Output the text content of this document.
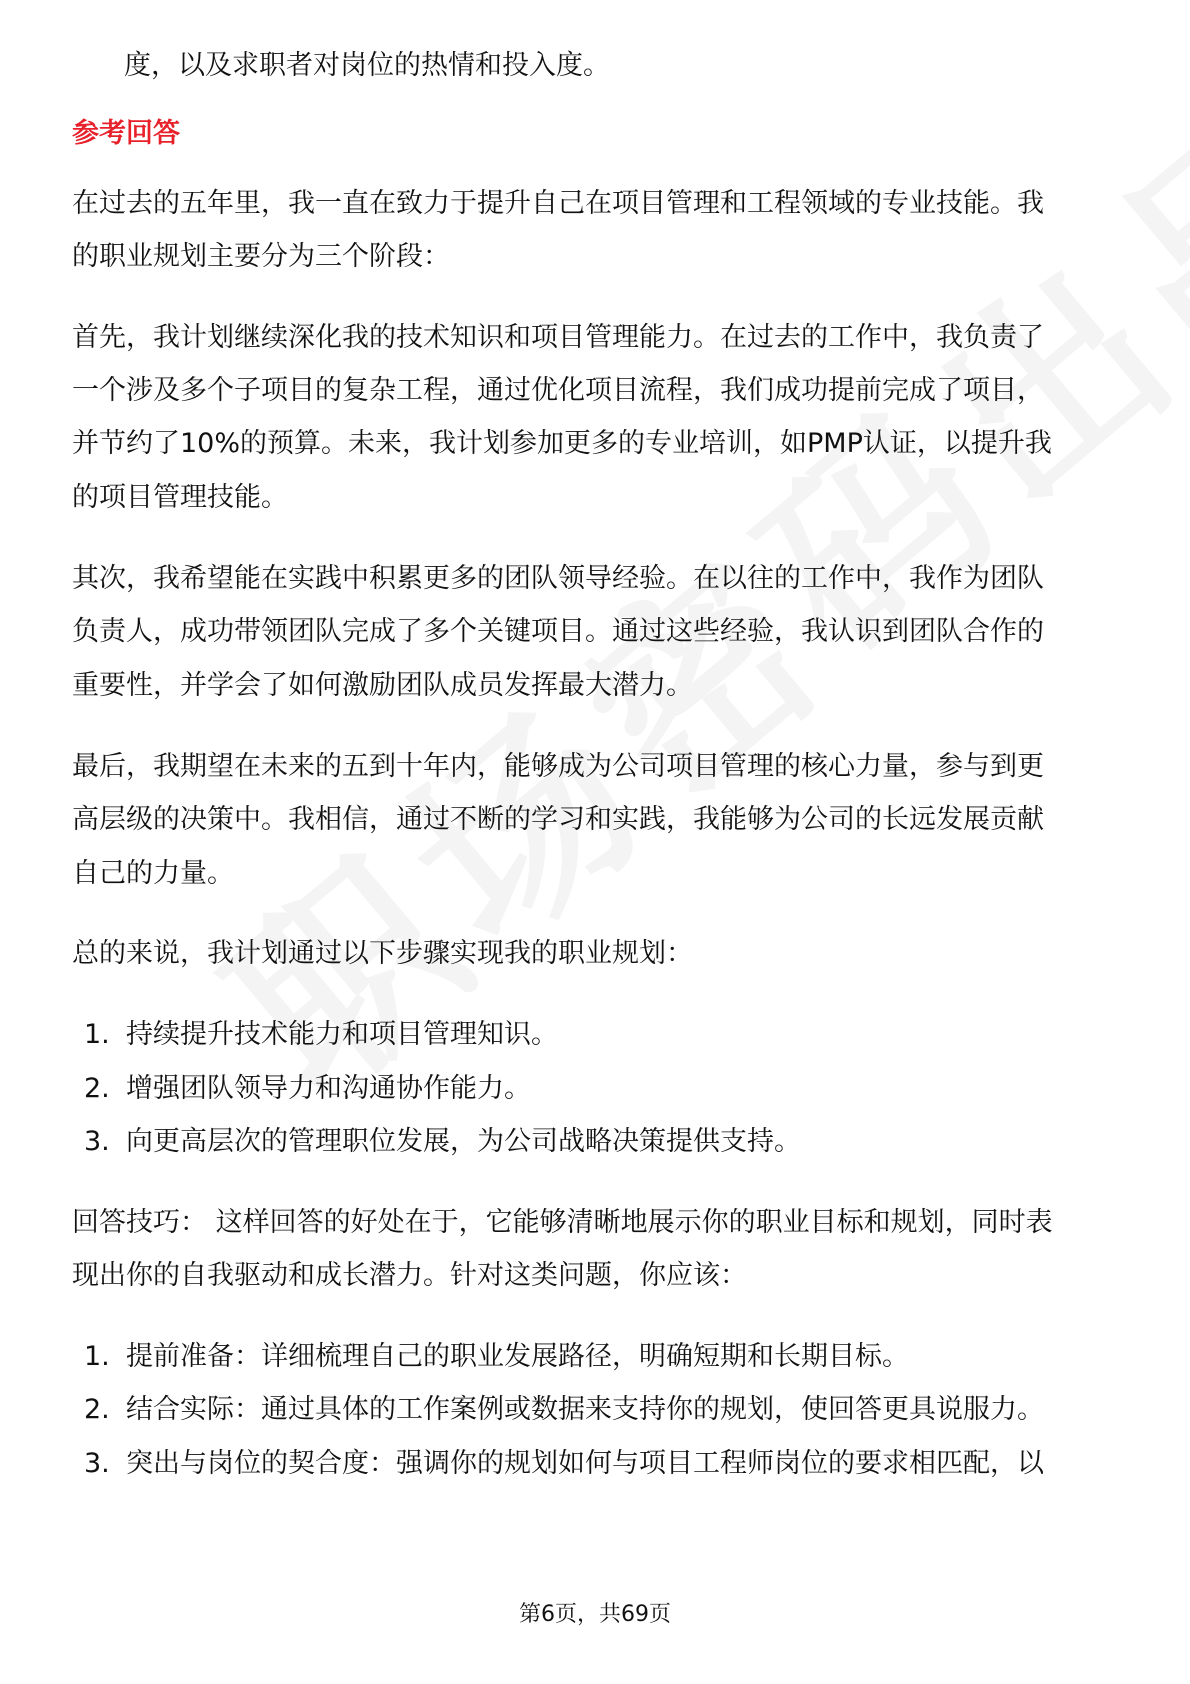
度，以及求职者对岗位的热情和投入度。
参考回答
在过去的五年里，我一直在致力于提升自己在项目管理和工程领域的专业技能。我
的职业规划主要分为三个阶段：
首先，我计划继续深化我的技术知识和项目管理能力。在过去的工作中，我负责了
一个涉及多个子项目的复杂工程，通过优化项目流程，我们成功提前完成了项目，
并节约了10%的预算。未来，我计划参加更多的专业培训，如PMP认证，以提升我
的项目管理技能。
其次，我希望能在实践中积累更多的团队领导经验。在以往的工作中，我作为团队
负责人，成功带领团队完成了多个关键项目。通过这些经验，我认识到团队合作的
重要性，并学会了如何激励团队成员发挥最大潜力。
最后，我期望在未来的五到十年内，能够成为公司项目管理的核心力量，参与到更
高层级的决策中。我相信，通过不断的学习和实践，我能够为公司的长远发展贡献
自己的力量。
总的来说，我计划通过以下步骤实现我的职业规划：
1. 持续提升技术能力和项目管理知识。
2. 增强团队领导力和沟通协作能力。
3. 向更高层次的管理职位发展，为公司战略决策提供支持。
回答技巧： 这样回答的好处在于，它能够清晰地展示你的职业目标和规划，同时表
现出你的自我驱动和成长潜力。针对这类问题，你应该：
1. 提前准备：详细梳理自己的职业发展路径，明确短期和长期目标。
2. 结合实际：通过具体的工作案例或数据来支持你的规划，使回答更具说服力。
3. 突出与岗位的契合度：强调你的规划如何与项目工程师岗位的要求相匹配，以
第6页，共69页
